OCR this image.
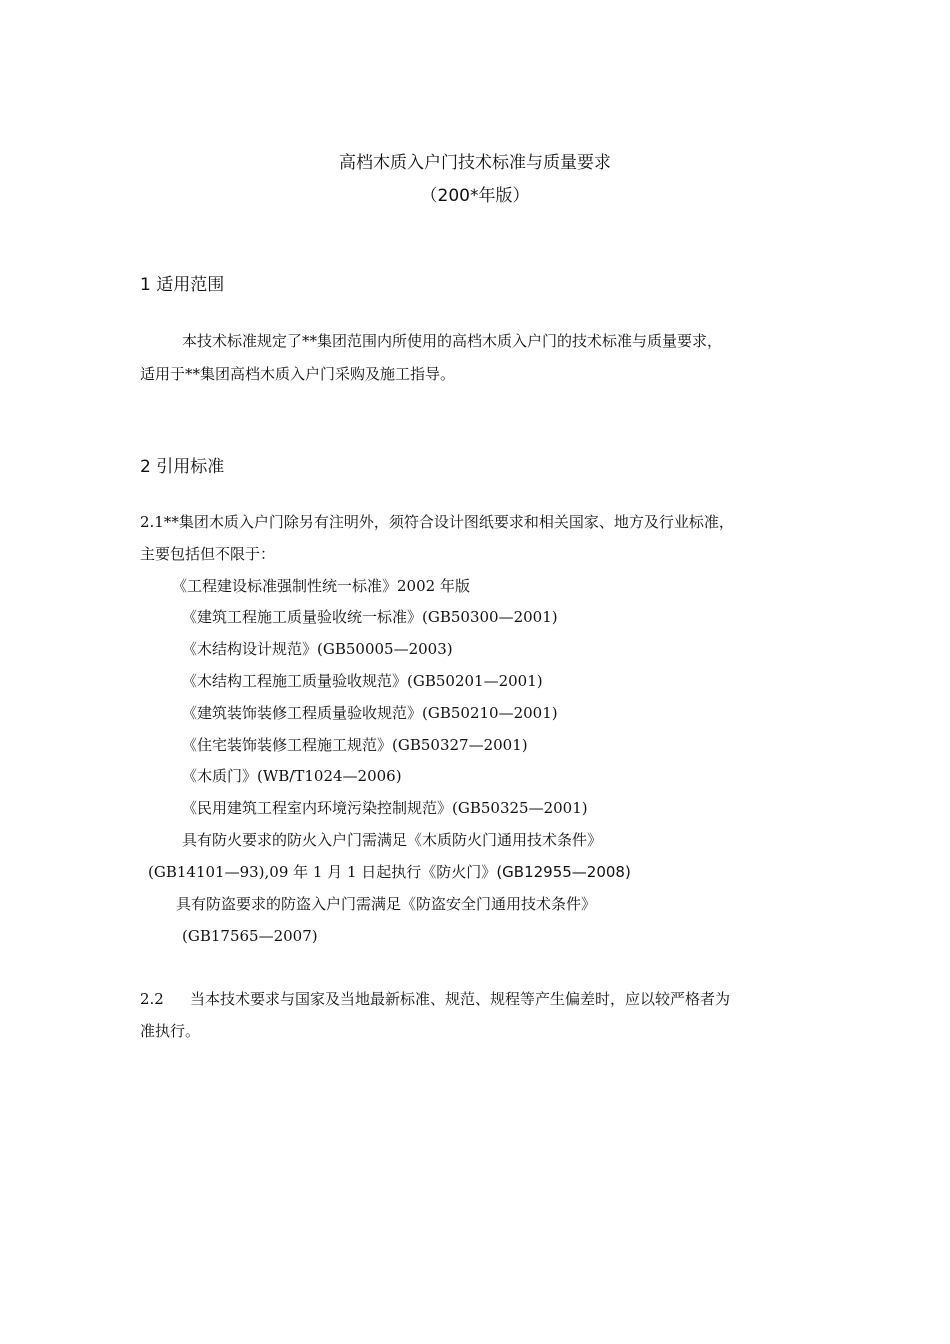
高档木质入户门技术标准与质量要求
（200*年版）
1 适用范围
本技术标准规定了**集团范围内所使用的高档木质入户门的技术标准与质量要求，
适用于**集团高档木质入户门采购及施工指导。
2 引用标准
2.1**集团木质入户门除另有注明外，须符合设计图纸要求和相关国家、地方及行业标准，
主要包括但不限于：
《工程建设标准强制性统一标准》2002 年版
《建筑工程施工质量验收统一标准》(GB50300—2001)
《木结构设计规范》(GB50005—2003)
《木结构工程施工质量验收规范》(GB50201—2001)
《建筑装饰装修工程质量验收规范》(GB50210—2001)
《住宅装饰装修工程施工规范》(GB50327—2001)
《木质门》(WB/T1024—2006)
《民用建筑工程室内环境污染控制规范》(GB50325—2001)
具有防火要求的防火入户门需满足《木质防火门通用技术条件》
(GB14101—93),09 年 1 月 1 日起执行《防火门》(GB12955—2008)
具有防盗要求的防盗入户门需满足《防盗安全门通用技术条件》
(GB17565—2007)
2.2 当本技术要求与国家及当地最新标准、规范、规程等产生偏差时，应以较严格者为
准执行。
